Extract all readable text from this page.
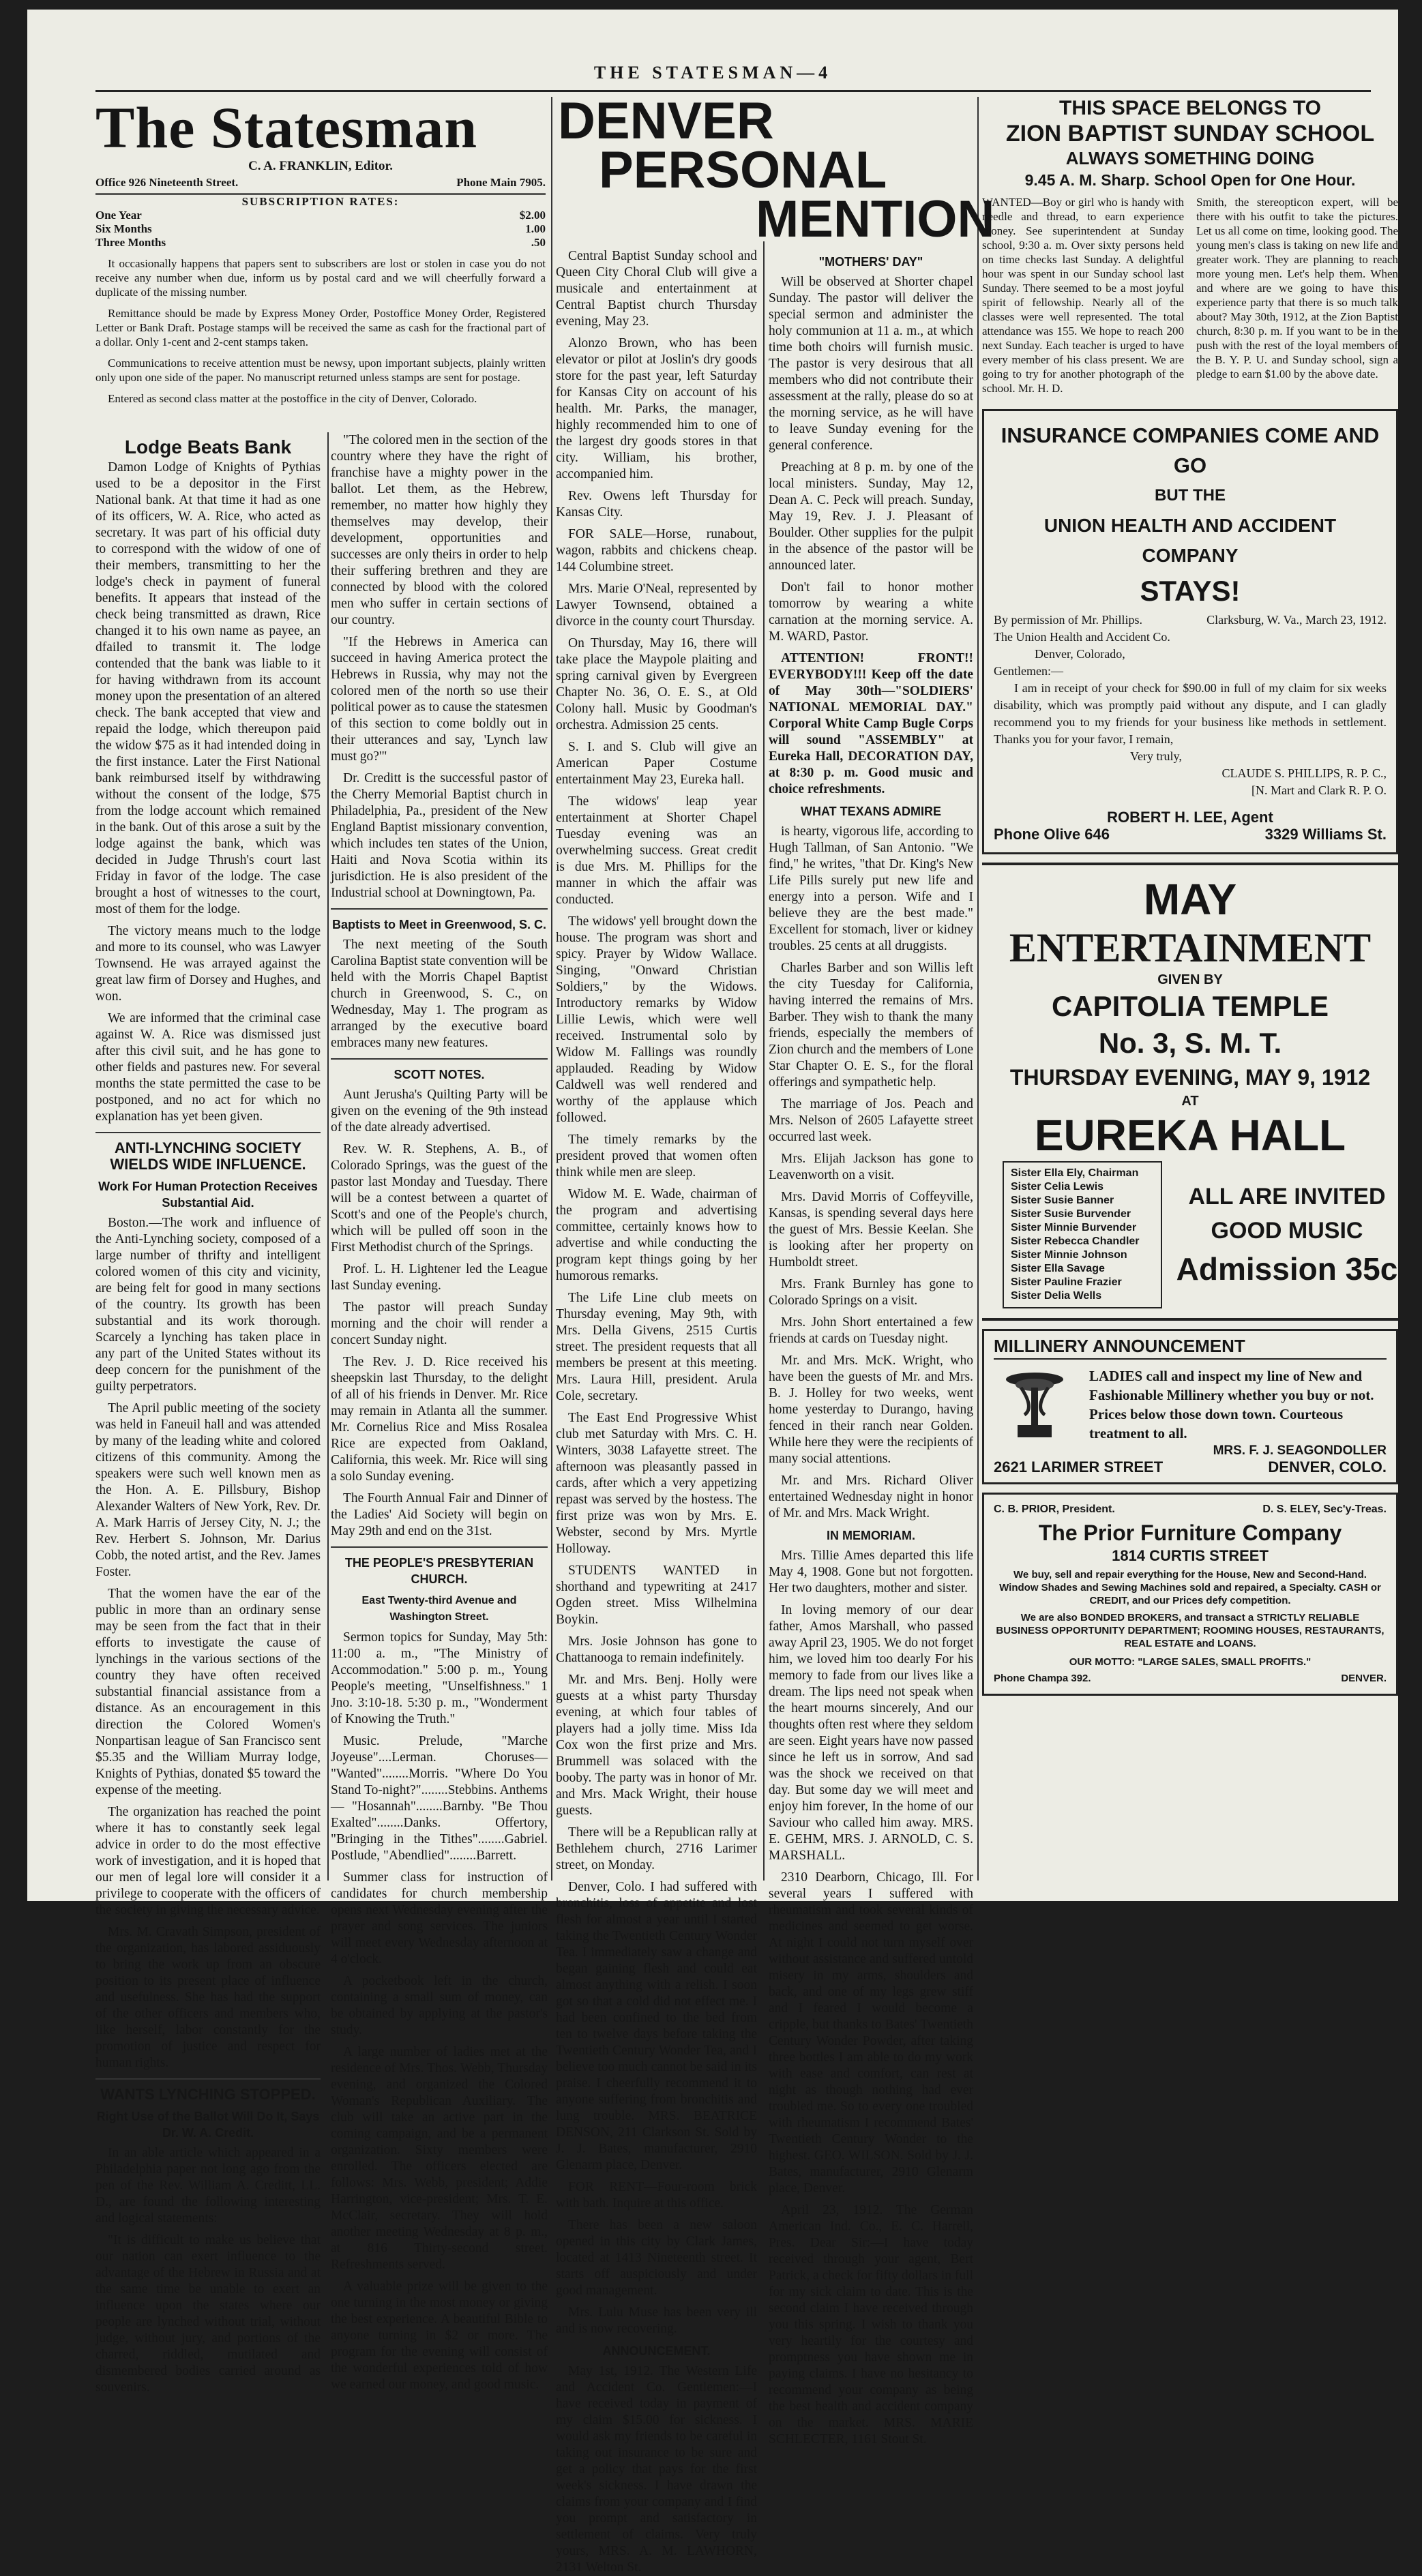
THE STATESMAN—4
The Statesman
C. A. FRANKLIN, Editor.
Office 926 Nineteenth Street.	Phone Main 7905.
SUBSCRIPTION RATES:
One Year	$2.00
Six Months	1.00
Three Months	.50
It occasionally happens that papers sent to subscribers are lost or stolen in case you do not receive any number when due, inform us by postal card and we will cheerfully forward a duplicate of the missing number.
Remittance should be made by Express Money Order, Postoffice Money Order, Registered Letter or Bank Draft. Postage stamps will be received the same as cash for the fractional part of a dollar. Only 1-cent and 2-cent stamps taken.
Communications to receive attention must be newsy, upon important subjects, plainly written only upon one side of the paper. No manuscript returned unless stamps are sent for postage.
Entered as second class matter at the postoffice in the city of Denver, Colorado.
Lodge Beats Bank

Damon Lodge of Knights of Pythias used to be a depositor in the First National bank. At that time it had as one of its officers, W. A. Rice, who acted as secretary. It was part of his official duty to correspond with the widow of one of their members, transmitting to her the lodge's check in payment of funeral benefits. It appears that instead of the check being transmitted as drawn, Rice changed it to his own name as payee, an dfailed to transmit it. The lodge contended that the bank was liable to it for having withdrawn from its account money upon the presentation of an altered check. The bank accepted that view and repaid the lodge, which thereupon paid the widow $75 as it had intended doing in the first instance. Later the First National bank reimbursed itself by withdrawing without the consent of the lodge, $75 from the lodge account which remained in the bank. Out of this arose a suit by the lodge against the bank, which was decided in Judge Thrush's court last Friday in favor of the lodge. The case brought a host of witnesses to the court, most of them for the lodge.

The victory means much to the lodge and more to its counsel, who was Lawyer Townsend. He was arrayed against the great law firm of Dorsey and Hughes, and won.

We are informed that the criminal case against W. A. Rice was dismissed just after this civil suit, and he has gone to other fields and pastures new. For several months the state permitted the case to be postponed, and no act for which no explanation has yet been given.

ANTI-LYNCHING SOCIETY WIELDS WIDE INFLUENCE.
Work For Human Protection Receives Substantial Aid.

Boston.—The work and influence of the Anti-Lynching society, composed of a large number of thrifty and intelligent colored women of this city and vicinity, are being felt for good in many sections of the country. Its growth has been substantial and its work thorough. Scarcely a lynching has taken place in any part of the United States without its deep concern for the punishment of the guilty perpetrators.

The April public meeting of the society was held in Faneuil hall and was attended by many of the leading white and colored citizens of this community. Among the speakers were such well known men as the Hon. A. E. Pillsbury, Bishop Alexander Walters of New York, Rev. Dr. A. Mark Harris of Jersey City, N. J.; the Rev. Herbert S. Johnson, Mr. Darius Cobb, the noted artist, and the Rev. James Foster.

That the women have the ear of the public in more than an ordinary sense may be seen from the fact that in their efforts to investigate the cause of lynchings in the various sections of the country they have often received substantial financial assistance from a distance. As an encouragement in this direction the Colored Women's Nonpartisan league of San Francisco sent $5.35 and the William Murray lodge, Knights of Pythias, donated $5 toward the expense of the meeting.

The organization has reached the point where it has to constantly seek legal advice in order to do the most effective work of investigation, and it is hoped that our men of legal lore will consider it a privilege to cooperate with the officers of the society in giving the necessary advice.

Mrs. M. Cravath Simpson, president of the organization, has labored assiduously to bring the work up from an obscure position to its present place of influence and usefulness. She has had the support of the other officers and members who, like herself, labor constantly for the promotion of justice and respect for human rights.

WANTS LYNCHING STOPPED.
Right Use of the Ballot Will Do It, Says Dr. W. A. Credit.

In an able article which appeared in a Philadelphia paper not long ago from the pen of the Rev. William A. Creditt, LL. D., are found the following interesting and logical statements:

"It is difficult to make us believe that our nation can exert influence to the advantage of the Hebrew in Russia and at the same time be unable to exert an influence upon the states where our people are lynched without trial, without judge, without jury, and portions of the charred, riddled, mutilated and dismembered bodies carried around as souvenirs.

"The colored men in the section of the country where they have the right of franchise have a mighty power in the ballot. Let them, as the Hebrew, remember, no matter how highly they themselves may develop, their development, opportunities and successes are only theirs in order to help their suffering brethren and they are connected by blood with the colored men who suffer in certain sections of our country.

"If the Hebrews in America can succeed in having America protect the Hebrews in Russia, why may not the colored men of the north so use their political power as to cause the statesmen of this section to come boldly out in their utterances and say, 'Lynch law must go?'"

Dr. Creditt is the successful pastor of the Cherry Memorial Baptist church in Philadelphia, Pa., president of the New England Baptist missionary convention, which includes ten states of the Union, Haiti and Nova Scotia within its jurisdiction. He is also president of the Industrial school at Downingtown, Pa.

Baptists to Meet in Greenwood, S. C.

The next meeting of the South Carolina Baptist state convention will be held with the Morris Chapel Baptist church in Greenwood, S. C., on Wednesday, May 1. The program as arranged by the executive board embraces many new features.

SCOTT NOTES.

Aunt Jerusha's Quilting Party will be given on the evening of the 9th instead of the date already advertised.

Rev. W. R. Stephens, A. B., of Colorado Springs, was the guest of the pastor last Monday and Tuesday. There will be a contest between a quartet of Scott's and one of the People's church, which will be pulled off soon in the First Methodist church of the Springs.

Prof. L. H. Lightener led the League last Sunday evening.

The pastor will preach Sunday morning and the choir will render a concert Sunday night.

The Rev. J. D. Rice received his sheepskin last Thursday, to the delight of all of his friends in Denver. Mr. Rice may remain in Atlanta all the summer. Mr. Cornelius Rice and Miss Rosalea Rice are expected from Oakland, California, this week. Mr. Rice will sing a solo Sunday evening.

The Fourth Annual Fair and Dinner of the Ladies' Aid Society will begin on May 29th and end on the 31st.

THE PEOPLE'S PRESBYTERIAN CHURCH.
East Twenty-third Avenue and Washington Street.

Sermon topics for Sunday, May 5th: 11:00 a. m., "The Ministry of Accommodation." 5:00 p. m., Young People's meeting, "Unselfishness." 1 Jno. 3:10-18. 5:30 p. m., "Wonderment of Knowing the Truth."

Music. Prelude, "Marche Joyeuse"....Lerman. Choruses— "Wanted"........Morris. "Where Do You Stand To-night?"........Stebbins. Anthems— "Hosannah"........Barnby. "Be Thou Exalted"........Danks. Offertory, "Bringing in the Tithes"........Gabriel. Postlude, "Abendlied"........Barrett.

Summer class for instruction of candidates for church membership opens next Wednesday evening after the prayer and song services. The juniors will meet every Wednesday afternoon at 4 o'clock.

A pocketbook left in the church, containing a small sum of money, can be obtained by applying at the pastor's study.

A large number of ladies met at the residence of Mrs. Thos. Webb, Thursday evening, and organized the Colored Woman's Republican Auxiliary. The club will take an active part in the coming campaign, and be a permanent organization. Sixty members were enrolled. The officers elected are follows: Mrs. Webb, president; Addie Harrington, vice-president; Mrs. T. E. McClair, secretary. They will hold another meeting Wednesday at 8 p. m., at 816 Thirty-second street. Refreshments served.

A valuable prize will be given to the one turning in the most money or giving the best experience. A beautiful Bible to anyone turning in $2 or more. The program for the evening will consist of the wonderful experiences told of how we earned our money, and good music.

DENVER
PERSONAL
MENTION

Central Baptist Sunday school and Queen City Choral Club will give a musicale and entertainment at Central Baptist church Thursday evening, May 23.

Alonzo Brown, who has been elevator or pilot at Joslin's dry goods store for the past year, left Saturday for Kansas City on account of his health. Mr. Parks, the manager, highly recommended him to one of the largest dry goods stores in that city. William, his brother, accompanied him.

Rev. Owens left Thursday for Kansas City.

FOR SALE—Horse, runabout, wagon, rabbits and chickens cheap. 144 Columbine street.

Mrs. Marie O'Neal, represented by Lawyer Townsend, obtained a divorce in the county court Thursday.

On Thursday, May 16, there will take place the Maypole plaiting and spring carnival given by Evergreen Chapter No. 36, O. E. S., at Old Colony hall. Music by Goodman's orchestra. Admission 25 cents.

S. I. and S. Club will give an American Paper Costume entertainment May 23, Eureka hall.

The widows' leap year entertainment at Shorter Chapel Tuesday evening was an overwhelming success. Great credit is due Mrs. M. Phillips for the manner in which the affair was conducted.

The widows' yell brought down the house. The program was short and spicy. Prayer by Widow Wallace. Singing, "Onward Christian Soldiers," by the Widows. Introductory remarks by Widow Lillie Lewis, which were well received. Instrumental solo by Widow M. Fallings was roundly applauded. Reading by Widow Caldwell was well rendered and worthy of the applause which followed.

The timely remarks by the president proved that women often think while men are sleep.

Widow M. E. Wade, chairman of the program and advertising committee, certainly knows how to advertise and while conducting the program kept things going by her humorous remarks.

The Life Line club meets on Thursday evening, May 9th, with Mrs. Della Givens, 2515 Curtis street. The president requests that all members be present at this meeting. Mrs. Laura Hill, president. Arula Cole, secretary.

The East End Progressive Whist club met Saturday with Mrs. C. H. Winters, 3038 Lafayette street. The afternoon was pleasantly passed in cards, after which a very appetizing repast was served by the hostess. The first prize was won by Mrs. E. Webster, second by Mrs. Myrtle Holloway.

STUDENTS WANTED in shorthand and typewriting at 2417 Ogden street. Miss Wilhelmina Boykin.

Mrs. Josie Johnson has gone to Chattanooga to remain indefinitely.

Mr. and Mrs. Benj. Holly were guests at a whist party Thursday evening, at which four tables of players had a jolly time. Miss Ida Cox won the first prize and Mrs. Brummell was solaced with the booby. The party was in honor of Mr. and Mrs. Mack Wright, their house guests.

There will be a Republican rally at Bethlehem church, 2716 Larimer street, on Monday.

Denver, Colo. I had suffered with bronchitis, loss of appetite and lost flesh for almost a year until I started taking the Twentieth Century Wonder Tea. I immediately saw a change and began gaining flesh and could eat almost anything with a relish. I soon got so that a cold did not effect me. I had been confined to the bed from ten to twelve days before taking the Twentieth Century Wonder Tea, and I believe too much cannot be said in its praise. I cheerfully recommend it to anyone suffering from bronchitis and lung trouble. MRS. BEATRICE DENSON, 211 Clarkson St. Sold by J. J. Bates, manufacturer, 2910 Glenarm place, Denver.

FOR RENT—Four-room brick with bath. Inquire at this office.

There has been a new saloon opened in this city by Clark James, located at 1413 Nineteenth street. It starts off auspiciously and under good management.

Mrs. Lulu Muse has been very ill and is now recovering.

ANNOUNCEMENT.

May 1st, 1912. The Western Life and Accident Co. Gentlemen:—I have received today in payment of my claim $15.00 for sickness. I would ask my friends to be careful in taking out insurance to be sure and get a policy that pays for the first week's sickness. I have drawn the claims from your company and I find you prompt and satisfactory in settlement of claims. Very truly yours, MRS. A. M. LAWHORN, 2131 Welton St.

"MOTHERS' DAY"

Will be observed at Shorter chapel Sunday. The pastor will deliver the special sermon and administer the holy communion at 11 a. m., at which time both choirs will furnish music. The pastor is very desirous that all members who did not contribute their assessment at the rally, please do so at the morning service, as he will have to leave Sunday evening for the general conference.

Preaching at 8 p. m. by one of the local ministers. Sunday, May 12, Dean A. C. Peck will preach. Sunday, May 19, Rev. J. J. Pleasant of Boulder. Other supplies for the pulpit in the absence of the pastor will be announced later.

Don't fail to honor mother tomorrow by wearing a white carnation at the morning service. A. M. WARD, Pastor.

ATTENTION! FRONT!! EVERYBODY!!! Keep off the date of May 30th—"SOLDIERS' NATIONAL MEMORIAL DAY." Corporal White Camp Bugle Corps will sound "ASSEMBLY" at Eureka Hall, DECORATION DAY, at 8:30 p. m. Good music and choice refreshments.

WHAT TEXANS ADMIRE

is hearty, vigorous life, according to Hugh Tallman, of San Antonio. "We find," he writes, "that Dr. King's New Life Pills surely put new life and energy into a person. Wife and I believe they are the best made." Excellent for stomach, liver or kidney troubles. 25 cents at all druggists.

Charles Barber and son Willis left the city Tuesday for California, having interred the remains of Mrs. Barber. They wish to thank the many friends, especially the members of Zion church and the members of Lone Star Chapter O. E. S., for the floral offerings and sympathetic help.

The marriage of Jos. Peach and Mrs. Nelson of 2605 Lafayette street occurred last week.

Mrs. Elijah Jackson has gone to Leavenworth on a visit.

Mrs. David Morris of Coffeyville, Kansas, is spending several days here the guest of Mrs. Bessie Keelan. She is looking after her property on Humboldt street.

Mrs. Frank Burnley has gone to Colorado Springs on a visit.

Mrs. John Short entertained a few friends at cards on Tuesday night.

Mr. and Mrs. McK. Wright, who have been the guests of Mr. and Mrs. B. J. Holley for two weeks, went home yesterday to Durango, having fenced in their ranch near Golden. While here they were the recipients of many social attentions.

Mr. and Mrs. Richard Oliver entertained Wednesday night in honor of Mr. and Mrs. Mack Wright.

IN MEMORIAM.

Mrs. Tillie Ames departed this life May 4, 1908. Gone but not forgotten. Her two daughters, mother and sister.

In loving memory of our dear father, Amos Marshall, who passed away April 23, 1905. We do not forget him, we loved him too dearly For his memory to fade from our lives like a dream. The lips need not speak when the heart mourns sincerely, And our thoughts often rest where they seldom are seen. Eight years have now passed since he left us in sorrow, And sad was the shock we received on that day. But some day we will meet and enjoy him forever, In the home of our Saviour who called him away. MRS. E. GEHM, MRS. J. ARNOLD, C. S. MARSHALL.

2310 Dearborn, Chicago, Ill. For several years I suffered with rheumatism and took several kinds of medicines and seemed to get worse. At night I could not turn myself over without assistance and suffered untold misery in my arms, shoulders and back, and one of my legs grew stiff and I feared I would become a cripple, but thanks to Bates' Twentieth Century Wonder Powder, after taking three bottles I am able to do my work with ease and comfort, can rest at night as though nothing had ever troubled me. So to every one troubled with rheumatism I recommend Bates' Twentieth Century Wonder to the highest. GEO. WILSON. Sold by J. J. Bates, manufacturer, 2910 Glenarm place, Denver.

April 23, 1912. The German American Ind. Co., E. C. Harrell, Pres. Dear Sir:—I have today received through your agent, Bert Patrick, a check for fifty dollars in full for my sick claim to date. This is the second claim I have received through you this spring. I wish to thank you very heartily for the courtesy and promptness you have shown me in paying claims. I have no hesitancy to recommend your company as being the best health and accident company on the market. MRS. MARIE SCHLECTER, 1161 Stout St.

THIS SPACE BELONGS TO
ZION BAPTIST SUNDAY SCHOOL
ALWAYS SOMETHING DOING
9.45 A. M. Sharp. School Open for One Hour.
WANTED—Boy or girl who is handy with needle and thread, to earn experience money. See superintendent at Sunday school, 9:30 a. m. Over sixty persons held on time checks last Sunday. A delightful hour was spent in our Sunday school last Sunday. There seemed to be a most joyful spirit of fellowship. Nearly all of the classes were well represented. The total attendance was 155. We hope to reach 200 next Sunday. Each teacher is urged to have every member of his class present. We are going to try for another photograph of the school. Mr. H. D.
Smith, the stereopticon expert, will be there with his outfit to take the pictures. Let us all come on time, looking good. The young men's class is taking on new life and greater work. They are planning to reach more young men. Let's help them. When and where are we going to have this experience party that there is so much talk about? May 30th, 1912, at the Zion Baptist church, 8:30 p. m. If you want to be in the push with the rest of the loyal members of the B. Y. P. U. and Sunday school, sign a pledge to earn $1.00 by the above date.
INSURANCE COMPANIES COME AND GO
BUT THE
UNION HEALTH AND ACCIDENT COMPANY
STAYS!
By permission of Mr. Phillips.	Clarksburg, W. Va., March 23, 1912.
The Union Health and Accident Co.
Denver, Colorado,
Gentlemen:—
I am in receipt of your check for $90.00 in full of my claim for six weeks disability, which was promptly paid without any dispute, and I can gladly recommend you to my friends for your business like methods in settlement. Thanks you for your favor, I remain,
Very truly,
CLAUDE S. PHILLIPS, R. P. C.,
[N. Mart and Clark R. P. O.
ROBERT H. LEE, Agent
Phone Olive 646	3329 Williams St.
MAY
ENTERTAINMENT
GIVEN BY
CAPITOLIA TEMPLE
No. 3, S. M. T.
THURSDAY EVENING, MAY 9, 1912
AT
EUREKA HALL
Sister Ella Ely, Chairman
Sister Celia Lewis
Sister Susie Banner
Sister Susie Burvender
Sister Minnie Burvender
Sister Rebecca Chandler
Sister Minnie Johnson
Sister Ella Savage
Sister Pauline Frazier
Sister Delia Wells
ALL ARE INVITED
GOOD MUSIC
Admission 35c
MILLINERY ANNOUNCEMENT
LADIES call and inspect my line of New and Fashionable Millinery whether you buy or not. Prices below those down town. Courteous treatment to all.
MRS. F. J. SEAGONDOLLER
2621 LARIMER STREET	DENVER, COLO.
C. B. PRIOR, President.	D. S. ELEY, Sec'y-Treas.
The Prior Furniture Company
1814 CURTIS STREET
We buy, sell and repair everything for the House, New and Second-Hand. Window Shades and Sewing Machines sold and repaired, a Specialty. CASH or CREDIT, and our Prices defy competition.
We are also BONDED BROKERS, and transact a STRICTLY RELIABLE BUSINESS OPPORTUNITY DEPARTMENT; ROOMING HOUSES, RESTAURANTS, REAL ESTATE and LOANS.
OUR MOTTO: "LARGE SALES, SMALL PROFITS."
Phone Champa 392.	DENVER.
